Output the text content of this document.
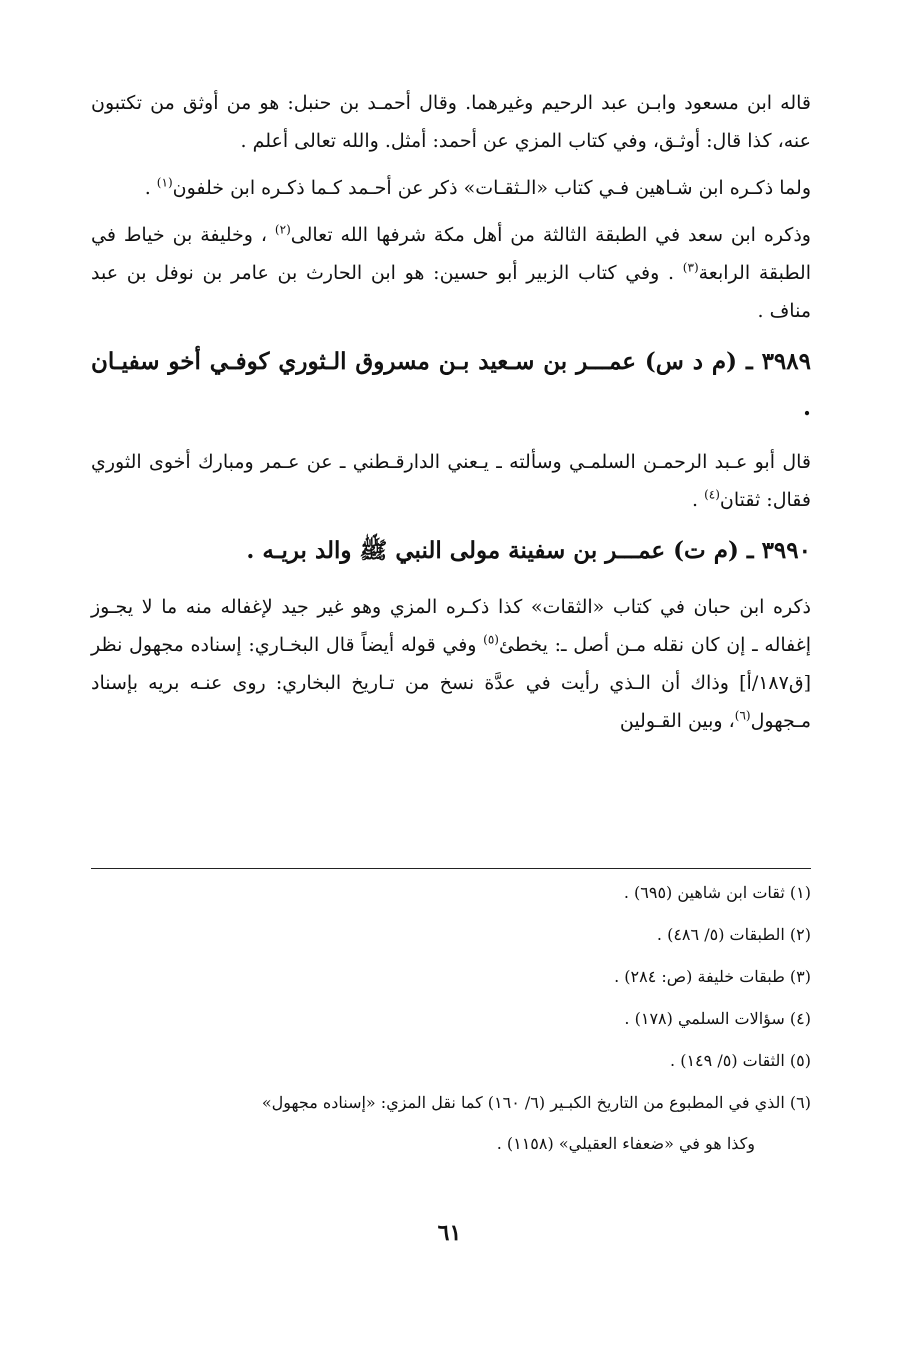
قاله ابن مسعود وابـن عبد الرحيم وغيرهما. وقال أحمـد بن حنبل: هو من أوثق من تكتبون عنه، كذا قال: أوثـق، وفي كتاب المزي عن أحمد: أمثل. والله تعالى أعلم .

ولما ذكـره ابن شـاهين فـي كتاب «الـثقـات» ذكر عن أحـمد كـما ذكـره ابن خلفون$^{(١)}$ .

وذكره ابن سعد في الطبقة الثالثة من أهل مكة شرفها الله تعالى$^{(٢)}$ ، وخليفة بن خياط في الطبقة الرابعة$^{(٣)}$ . وفي كتاب الزبير أبو حسين: هو ابن الحارث بن عامر بن نوفل بن عبد مناف .

٣٩٨٩ ـ (م د س) عمـــر بن سـعيد بـن مسروق الـثوري كوفـي أخو سفيـان .

قال أبو عـبد الرحمـن السلمـي وسألته ـ يـعني الدارقـطني ـ عن عـمر ومبارك أخوى الثوري فقال: ثقتان$^{(٤)}$ .

٣٩٩٠ ـ (م ت) عمـــر بن سفينة مولى النبي ﷺ والد بريـه .

ذكره ابن حبان في كتاب «الثقات» كذا ذكـره المزي وهو غير جيد لإغفاله منه ما لا يجـوز إغفاله ـ إن كان نقله مـن أصل ـ: يخطئ$^{(٥)}$ وفي قوله أيضاً قال البخـاري: إسناده مجهول نظر [ق١٨٧/أ] وذاك أن الـذي رأيت في عدَّة نسخ من تـاريخ البخاري: روى عنـه بريه بإسناد مـجهول$^{(٦)}$، وبين القـولين

(١) ثقات ابن شاهين (٦٩٥) .

(٢) الطبقات (٥/ ٤٨٦) .

(٣) طبقات خليفة (ص: ٢٨٤) .

(٤) سؤالات السلمي (١٧٨) .

(٥) الثقات (٥/ ١٤٩) .

(٦) الذي في المطبوع من التاريخ الكبـير (٦/ ١٦٠) كما نقل المزي: «إسناده مجهول»
وكذا هو في «ضعفاء العقيلي» (١١٥٨) .

٦١
